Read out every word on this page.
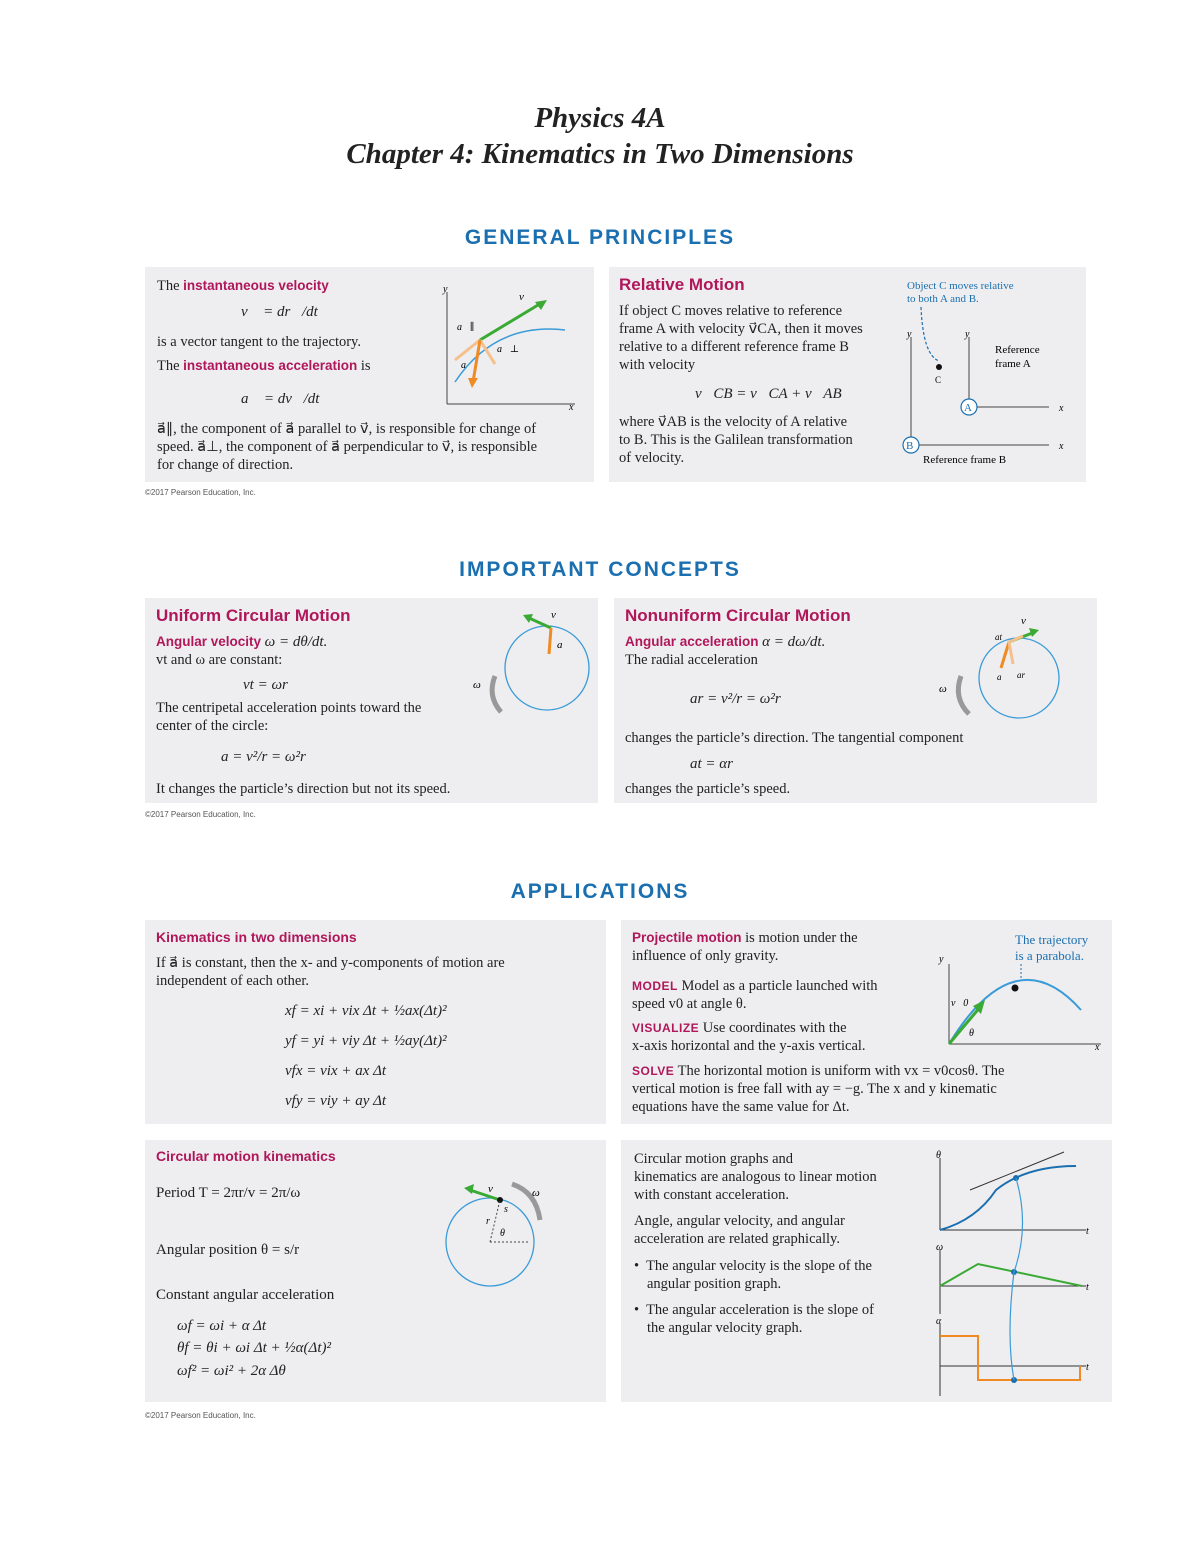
Physics 4A
Chapter 4: Kinematics in Two Dimensions
GENERAL PRINCIPLES
The instantaneous velocity
v⃗ = dr⃗/dt
is a vector tangent to the trajectory.
The instantaneous acceleration is
a⃗ = dv⃗/dt
a⃗∥, the component of a⃗ parallel to v⃗, is responsible for change of
speed. a⃗⊥, the component of a⃗ perpendicular to v⃗, is responsible
for change of direction.
y
x
v⃗
a⃗∥
a⃗
a⃗⊥
©2017 Pearson Education, Inc.
Relative Motion
If object C moves relative to reference
frame A with velocity v⃗CA, then it moves
relative to a different reference frame B
with velocity
v⃗CB = v⃗CA + v⃗AB
where v⃗AB is the velocity of A relative
to B. This is the Galilean transformation
of velocity.
Object C moves relative
to both A and B.
y	y
x
x
C
A
B
Reference
frame A
Reference frame B
IMPORTANT CONCEPTS
Uniform Circular Motion
Angular velocity ω = dθ/dt.
vt and ω are constant:
vt = ωr
The centripetal acceleration points toward the
center of the circle:
a = v²/r = ω²r
It changes the particle’s direction but not its speed.
v⃗
a⃗
ω
Nonuniform Circular Motion
Angular acceleration α = dω/dt.
The radial acceleration
ar = v²/r = ω²r
changes the particle’s direction. The tangential component
at = αr
changes the particle’s speed.
v⃗
at
a⃗ ar
ω
©2017 Pearson Education, Inc.
APPLICATIONS
Kinematics in two dimensions
If a⃗ is constant, then the x- and y-components of motion are
independent of each other.
xf = xi + vix Δt + ½ax(Δt)²
yf = yi + viy Δt + ½ay(Δt)²
vfx = vix + ax Δt
vfy = viy + ay Δt
Projectile motion is motion under the
influence of only gravity.
MODEL Model as a particle launched with
speed v0 at angle θ.
VISUALIZE Use coordinates with the
x-axis horizontal and the y-axis vertical.
SOLVE The horizontal motion is uniform with vx = v0cosθ. The
vertical motion is free fall with ay = −g. The x and y kinematic
equations have the same value for Δt.
The trajectory
is a parabola.
y
x
v⃗0
θ
Circular motion kinematics
Period T = 2πr/v = 2π/ω
Angular position θ = s/r
Constant angular acceleration
ωf = ωi + α Δt
θf = θi + ωi Δt + ½α(Δt)²
ωf² = ωi² + 2α Δθ
v⃗	ω
r
s
θ
Circular motion graphs and
kinematics are analogous to linear motion
with constant acceleration.
Angle, angular velocity, and angular
acceleration are related graphically.
•  The angular velocity is the slope of the
angular position graph.
•  The angular acceleration is the slope of
the angular velocity graph.
θ
t
ω
t
α
t
©2017 Pearson Education, Inc.
